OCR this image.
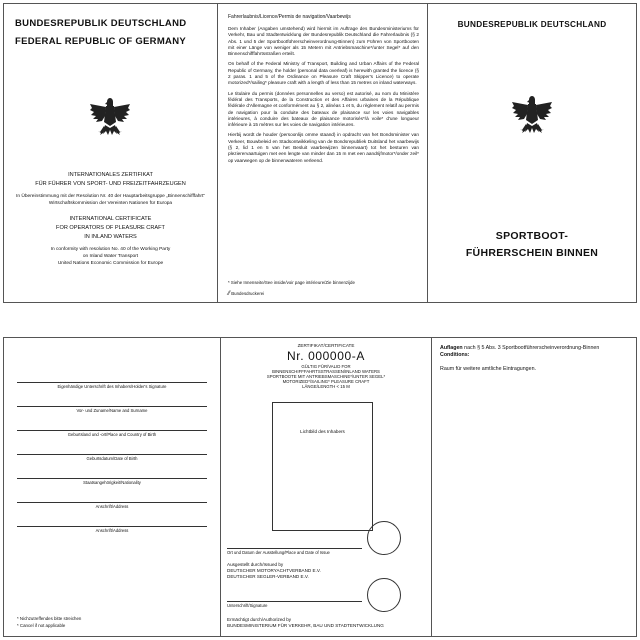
BUNDESREPUBLIK DEUTSCHLAND
FEDERAL REPUBLIC OF GERMANY
INTERNATIONALES ZERTIFIKAT
FÜR FÜHRER VON SPORT- UND FREIZEITFAHRZEUGEN
In Übereinstimmung mit der Resolution Nr. 40 der Hauptarbeitsgruppe „Binnenschifffahrt“
Wirtschaftskommission der Vereinten Nationen für Europa
INTERNATIONAL CERTIFICATE
FOR OPERATORS OF PLEASURE CRAFT
IN INLAND WATERS
In conformity with resolution No. 40 of the Working Party
on Inland Water Transport
United Nations Economic Commission for Europe
Fahrerlaubnis/Licence/Permis de navigation/Vaarbewijs

Dem Inhaber (Angaben umstehend) wird hiermit im Auftrage des Bundesministeriums für Verkehr, Bau und Stadtentwicklung der Bundesrepublik Deutschland die Fahrerlaubnis (§ 2 Abs. 1 und 5 der Sportbootführerscheinverordnung-Binnen) zum Führen von Sportbooten mit einer Länge von weniger als 15 Metern mit Antriebsmaschine*/unter Segel* auf den Binnenschifffahrtsstraßen erteilt.

On behalf of the Federal Ministry of Transport, Building and Urban Affairs of the Federal Republic of Germany, the holder (personal data overleaf) is herewith granted the licence (§ 2 paras. 1 and 5 of the Ordinance on Pleasure Craft Skipper's Licence) to operate motorized*/sailing* pleasure craft with a length of less than 15 metres on inland waterways.

Le titulaire du permis (données personnelles au verso) est autorisé, au nom du Ministère fédéral des Transports, de la Construction et des Affaires urbaines de la République fédérale d'Allemagne et conformément au § 2, alinéas 1 et 5, du règlement relatif au permis de navigation pour la conduite des bateaux de plaisance sur les voies navigables intérieures, à conduire des bateaux de plaisance motorisés*/à voile* d'une longueur inférieure à 15 mètres sur les voies de navigation intérieures.

Hierbij wordt de houder (persoonlijs omme staand) in opdracht van het Bondsminister van Verkeer, Bouwbeleid en Stadsontwikkeling van de Bondsrepubliek Duitsland het vaarbewijs (§ 2, lid 1 en 5 van het Besluit vaarbewijzen binnenvaart) tot het besturen van plezierervaartuigen met een lengte van minder dan 15 m met een aandrijfmotor*/onder zeil* op vaarwegen op de binnenwateren verleend.

* Siehe Innenseite/See inside/voir page intérieure/Zie binnenzijde
⁄⁄ Bundesdruckerei
BUNDESREPUBLIK DEUTSCHLAND
SPORTBOOT-
FÜHRERSCHEIN BINNEN
Eigenhändige Unterschrift des Inhabers/Holder's Signature
Vor- und Zuname/Name and Surname
Geburtsland und -ort/Place and Country of Birth
Geburtsdatum/Date of Birth
Staatsangehörigkeit/Nationality
Anschrift/Address
Anschrift/Address
* Nichzutreffendes bitte streichen
* Cancel if not applicable
ZERTIFIKAT/CERTIFICATE
Nr. 000000-A
GÜLTIG FÜR/VALID FOR
BINNENSCHIFFFAHRTSSTRASSEN/INLAND WATERS
SPORTBOOTE MIT ANTRIEBSMASCHINE*/UNTER SEGEL*
MOTORIZED*/SAILING* PLEASURE CRAFT
LÄNGE/LENGTH < 15 M
Lichtbild des Inhabers
Ort und Datum der Ausstellung/Place and Date of Issue
Ausgestellt durch/Issued by
DEUTSCHER MOTORYACHTVERBAND E.V.
DEUTSCHER SEGLER-VERBAND E.V.
Unterschrift/Signature
Ermächtigt durch/Authorized by
BUNDESMINISTERIUM FÜR VERKEHR, BAU UND STADTENTWICKLUNG
Auflagen nach § 5 Abs. 3 Sportbootführerscheinverordnung-Binnen
Conditions:
Raum für weitere amtliche Eintragungen.
